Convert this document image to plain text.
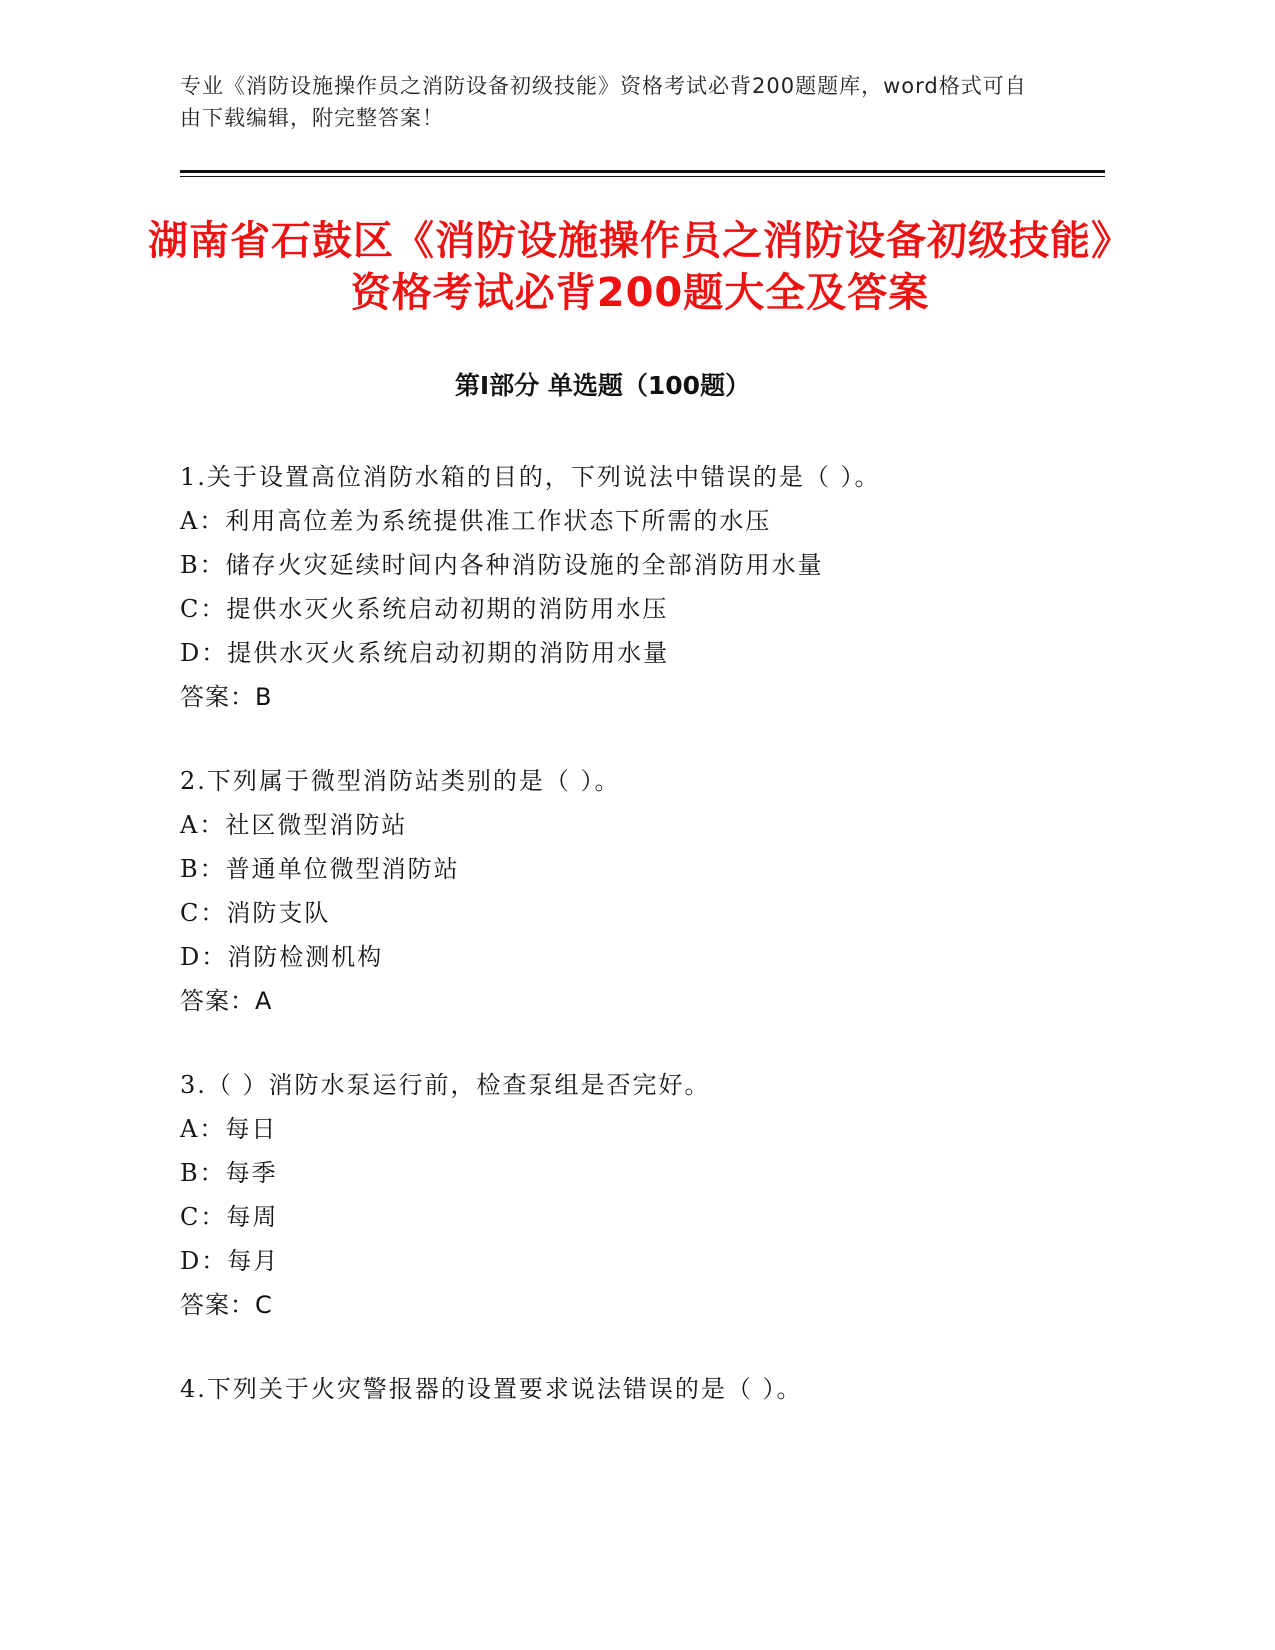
专业《消防设施操作员之消防设备初级技能》资格考试必背200题题库，word格式可自由下载编辑，附完整答案！
湖南省石鼓区《消防设施操作员之消防设备初级技能》资格考试必背200题大全及答案
第Ⅰ部分 单选题（100题）
1.关于设置高位消防水箱的目的，下列说法中错误的是（ ）。
A：利用高位差为系统提供准工作状态下所需的水压
B：储存火灾延续时间内各种消防设施的全部消防用水量
C：提供水灭火系统启动初期的消防用水压
D：提供水灭火系统启动初期的消防用水量
答案：B
2.下列属于微型消防站类别的是（ ）。
A：社区微型消防站
B：普通单位微型消防站
C：消防支队
D：消防检测机构
答案：A
3.（ ）消防水泵运行前，检查泵组是否完好。
A：每日
B：每季
C：每周
D：每月
答案：C
4.下列关于火灾警报器的设置要求说法错误的是（ ）。
